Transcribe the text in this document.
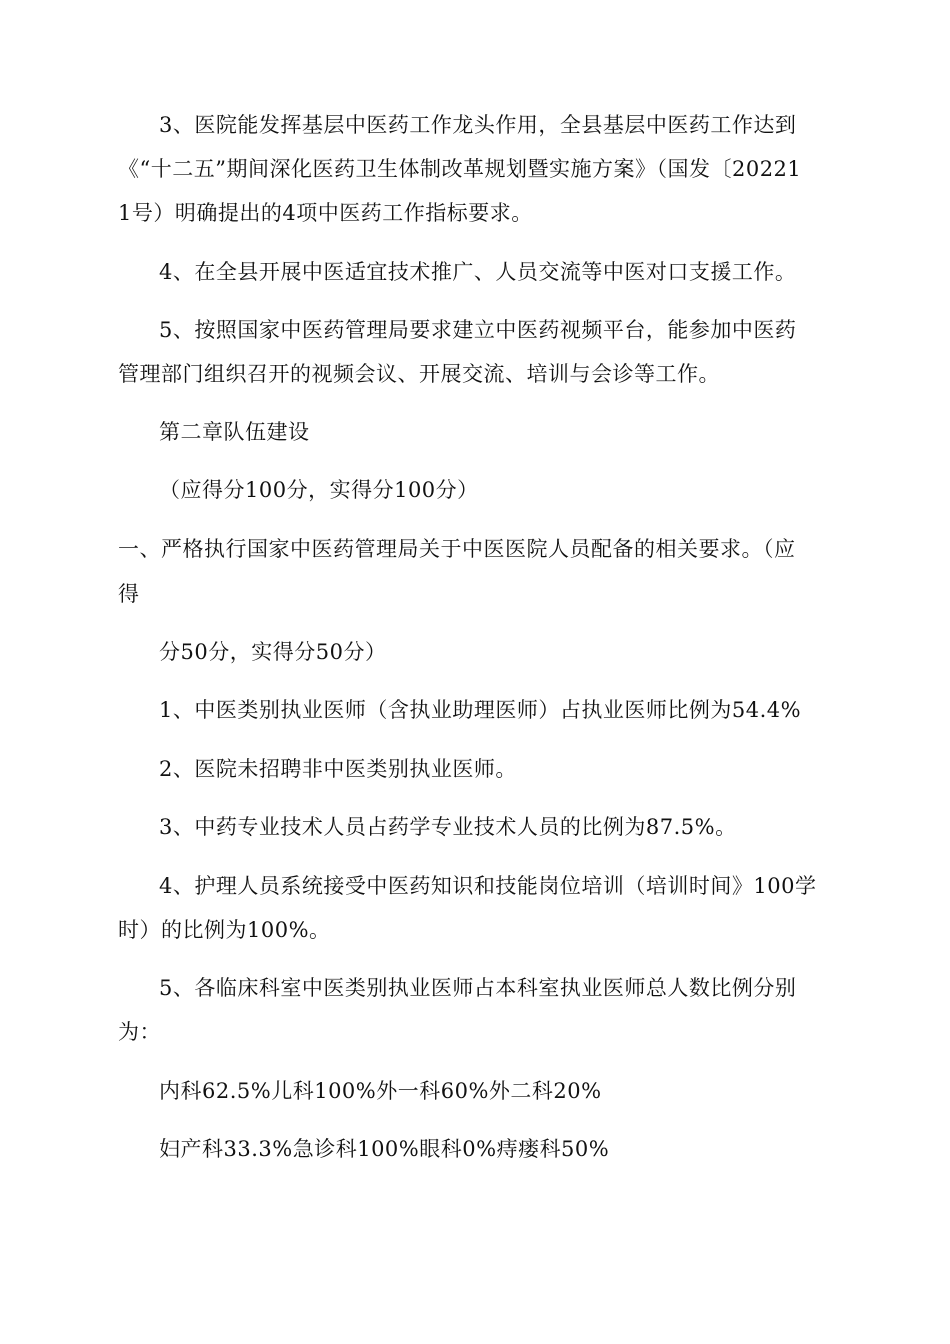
3、医院能发挥基层中医药工作龙头作用，全县基层中医药工作达到
《“十二五”期间深化医药卫生体制改革规划暨实施方案》（国发〔20221
1号）明确提出的4项中医药工作指标要求。
4、在全县开展中医适宜技术推广、人员交流等中医对口支援工作。
5、按照国家中医药管理局要求建立中医药视频平台，能参加中医药
管理部门组织召开的视频会议、开展交流、培训与会诊等工作。
第二章队伍建设
（应得分100分，实得分100分）
一、严格执行国家中医药管理局关于中医医院人员配备的相关要求。（应
得
分50分，实得分50分）
1、中医类别执业医师（含执业助理医师）占执业医师比例为54.4%
2、医院未招聘非中医类别执业医师。
3、中药专业技术人员占药学专业技术人员的比例为87.5%。
4、护理人员系统接受中医药知识和技能岗位培训（培训时间》100学
时）的比例为100%。
5、各临床科室中医类别执业医师占本科室执业医师总人数比例分别
为：
内科62.5%儿科100%外一科60%外二科20%
妇产科33.3%急诊科100%眼科0%痔瘘科50%
